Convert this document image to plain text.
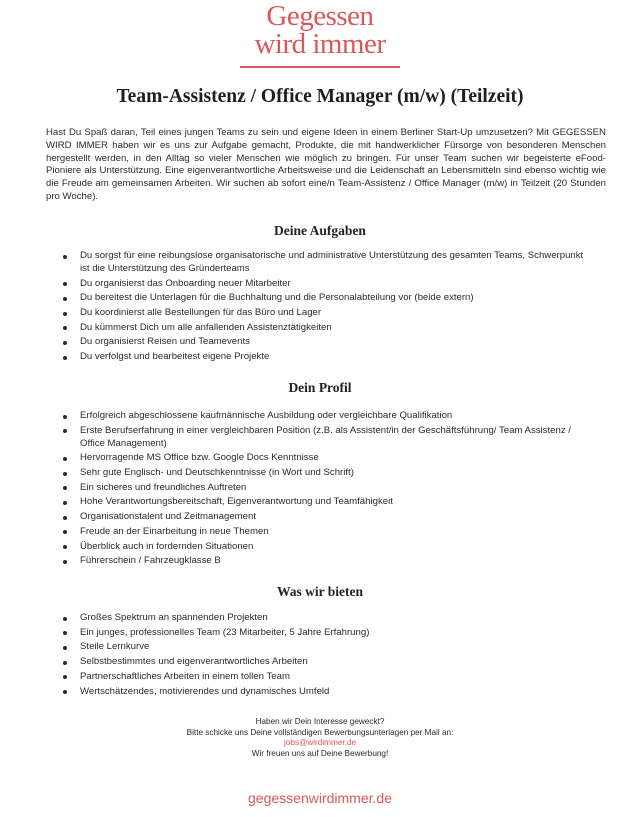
Gegessen
wird immer
Team-Assistenz / Office Manager (m/w) (Teilzeit)

Hast Du Spaß daran, Teil eines jungen Teams zu sein und eigene Ideen in einem Berliner Start-Up umzusetzen? Mit GEGESSEN WIRD IMMER haben wir es uns zur Aufgabe gemacht, Produkte, die mit handwerklicher Fürsorge von besonderen Menschen hergestellt werden, in den Alltag so vieler Menschen wie möglich zu bringen. Für unser Team suchen wir begeisterte eFood-Pioniere als Unterstützung. Eine eigenverantwortliche Arbeitsweise und die Leidenschaft an Lebensmitteln sind ebenso wichtig wie die Freude am gemeinsamen Arbeiten. Wir suchen ab sofort eine/n Team-Assistenz / Office Manager (m/w) in Teilzeit (20 Stunden pro Woche).

Deine Aufgaben
Du sorgst für eine reibungslose organisatorische und administrative Unterstützung des gesamten Teams, Schwerpunkt ist die Unterstützung des Gründerteams
Du organisierst das Onboarding neuer Mitarbeiter
Du bereitest die Unterlagen für die Buchhaltung und die Personalabteilung vor (beide extern)
Du koordinierst alle Bestellungen für das Büro und Lager
Du kümmerst Dich um alle anfallenden Assistenztätigkeiten
Du organisierst Reisen und Teamevents
Du verfolgst und bearbeitest eigene Projekte
Dein Profil
Erfolgreich abgeschlossene kaufmännische Ausbildung oder vergleichbare Qualifikation
Erste Berufserfahrung in einer vergleichbaren Position (z.B. als Assistent/in der Geschäftsführung/ Team Assistenz / Office Management)
Hervorragende MS Office bzw. Google Docs Kenntnisse
Sehr gute Englisch- und Deutschkenntnisse (in Wort und Schrift)
Ein sicheres und freundliches Auftreten
Hohe Verantwortungsbereitschaft, Eigenverantwortung und Teamfähigkeit
Organisationstalent und Zeitmanagement
Freude an der Einarbeitung in neue Themen
Überblick auch in fordernden Situationen
Führerschein / Fahrzeugklasse B
Was wir bieten
Großes Spektrum an spannenden Projekten
Ein junges, professionelles Team (23 Mitarbeiter, 5 Jahre Erfahrung)
Steile Lernkurve
Selbstbestimmtes und eigenverantwortliches Arbeiten
Partnerschaftliches Arbeiten in einem tollen Team
Wertschätzendes, motivierendes und dynamisches Umfeld
Haben wir Dein Interesse geweckt?
Bitte schicke uns Deine vollständigen Bewerbungsunterlagen per Mail an:
jobs@wirdimmer.de
Wir freuen uns auf Deine Bewerbung!
gegessenwirdimmer.de
